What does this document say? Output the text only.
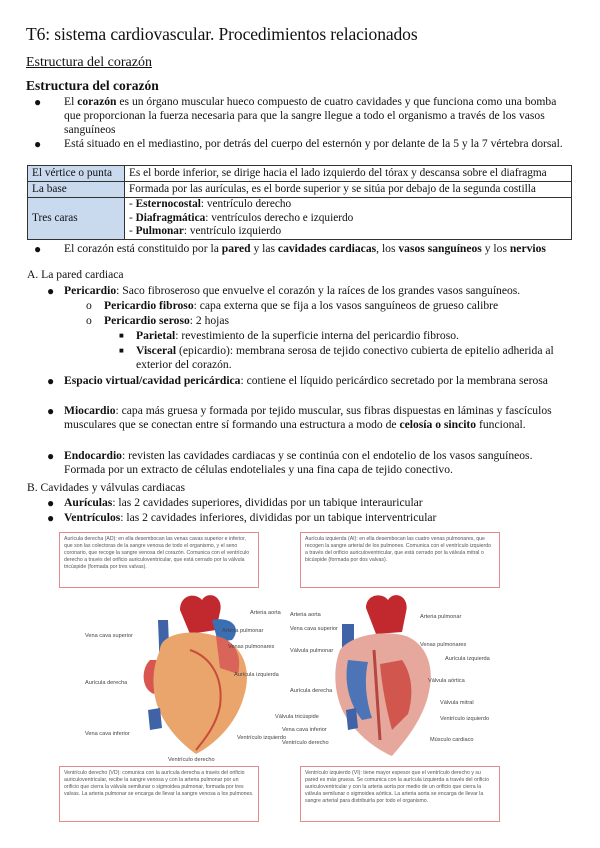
T6: sistema cardiovascular. Procedimientos relacionados
Estructura del corazón
Estructura del corazón
● El corazón es un órgano muscular hueco compuesto de cuatro cavidades y que funciona como una bomba que proporcionan la fuerza necesaria para que la sangre llegue a todo el organismo a través de los vasos sanguíneos
● Está situado en el mediastino, por detrás del cuerpo del esternón y por delante de la 5 y la 7 vértebra dorsal.
El vértice o punta	Es el borde inferior, se dirige hacia el lado izquierdo del tórax y descansa sobre el diafragma
La base	Formada por las aurículas, es el borde superior y se sitúa por debajo de la segunda costilla
Tres caras	- Esternocostal: ventrículo derecho
- Diafragmática: ventrículos derecho e izquierdo
- Pulmonar: ventrículo izquierdo
● El corazón está constituido por la pared y las cavidades cardiacas, los vasos sanguíneos y los nervios
A. La pared cardiaca
● Pericardio: Saco fibroseroso que envuelve el corazón y la raíces de los grandes vasos sanguíneos.
o Pericardio fibroso: capa externa que se fija a los vasos sanguíneos de grueso calibre
o Pericardio seroso: 2 hojas
■ Parietal: revestimiento de la superficie interna del pericardio fibroso.
■ Visceral (epicardio): membrana serosa de tejido conectivo cubierta de epitelio adherida al exterior del corazón.
● Espacio virtual/cavidad pericárdica: contiene el líquido pericárdico secretado por la membrana serosa
● Miocardio: capa más gruesa y formada por tejido muscular, sus fibras dispuestas en láminas y fascículos musculares que se conectan entre sí formando una estructura a modo de celosía o sincito funcional.
● Endocardio: revisten las cavidades cardiacas y se continúa con el endotelio de los vasos sanguíneos. Formada por un extracto de células endoteliales y una fina capa de tejido conectivo.
B. Cavidades y válvulas cardiacas
● Aurículas: las 2 cavidades superiores, divididas por un tabique interauricular
● Ventrículos: las 2 cavidades inferiores, divididas por un tabique interventricular
Aurícula derecha (AD): en ella desembocan las venas cavas superior e inferior, que son las colectoras de la sangre venosa de todo el organismo, y el seno coronario, que recoge la sangre venosa del corazón. Comunica con el ventrículo derecho a través del orificio auriculoventricular, que está cerrado por la válvula tricúspide (formada por tres valvas).
Aurícula izquierda (AI): en ella desembocan las cuatro venas pulmonares, que recogen la sangre arterial de los pulmones. Comunica con el ventrículo izquierdo a través del orificio auriculoventricular, que está cerrado por la válvula mitral o bicúspide (formada por dos valvas).
Ventrículo derecho (VD): comunica con la aurícula derecha a través del orificio auriculoventricular, recibe la sangre venosa y con la arteria pulmonar por un orificio que cierra la válvula semilunar o sigmoidea pulmonar, formada por tres valvas. La arteria pulmonar se encarga de llevar la sangre venosa a los pulmones.
Ventrículo izquierdo (VI): tiene mayor espesor que el ventrículo derecho y su pared es más gruesa. Se comunica con la aurícula izquierda a través del orificio auriculoventricular y con la arteria aorta por medio de un orificio que cierra la válvula semilunar o sigmoidea aórtica. La arteria aorta se encarga de llevar la sangre arterial para distribuirla por todo el organismo.
Vena cava superior
Aurícula derecha
Vena cava inferior
Arteria aorta
Arteria pulmonar
Venas pulmonares
Aurícula izquierda
Ventrículo izquierdo
Ventrículo derecho
Arteria aorta	Arteria pulmonar
Vena cava superior
Válvula pulmonar
Venas pulmonares
Aurícula izquierda
Válvula aórtica
Aurícula derecha
Válvula mitral
Válvula tricúspide	Ventrículo izquierdo
Vena cava inferior
Músculo cardiaco
Ventrículo derecho
